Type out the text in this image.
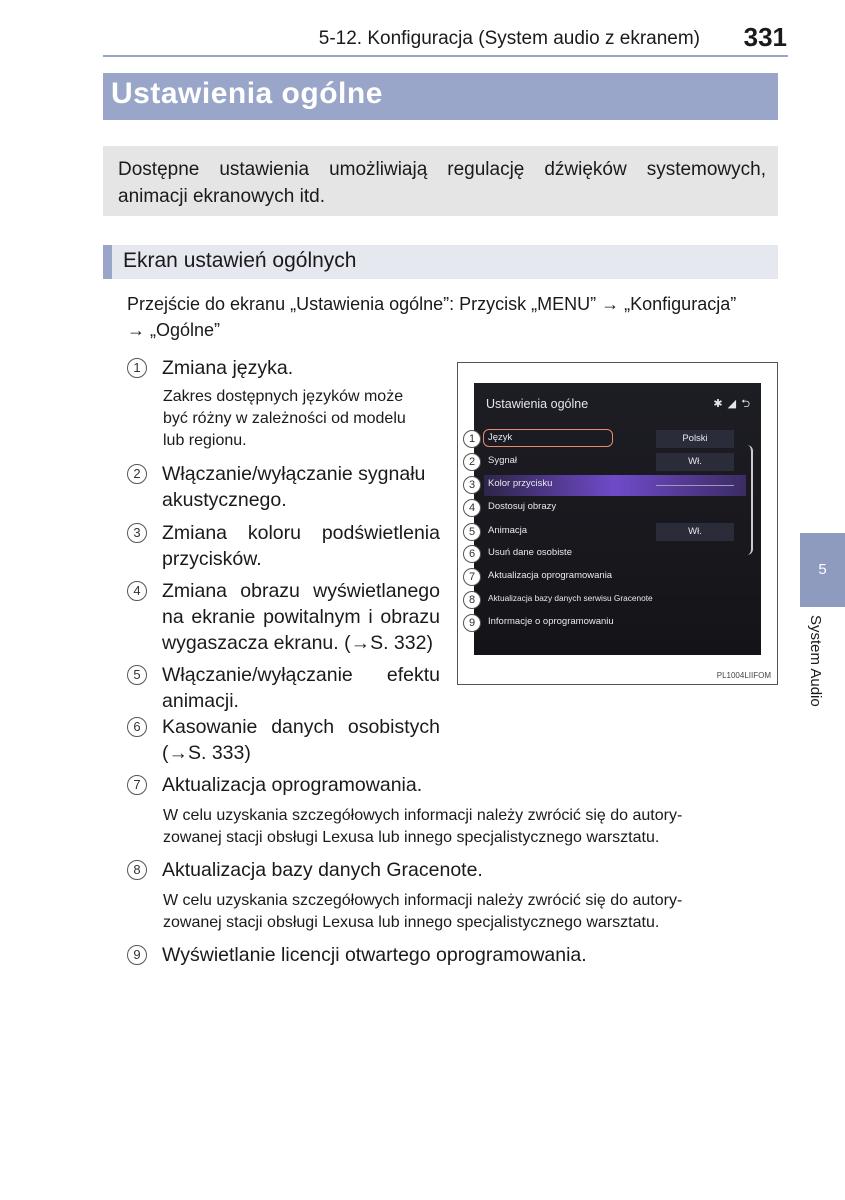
5-12. Konfiguracja (System audio z ekranem)	331
Ustawienia ogólne

Dostępne ustawienia umożliwiają regulację dźwięków systemowych, animacji ekranowych itd.

Ekran ustawień ogólnych
Przejście do ekranu „Ustawienia ogólne”: Przycisk „MENU” → „Konfiguracja”
→ „Ogólne”
1	Zmiana języka.
Zakres dostępnych języków może
być różny w zależności od modelu
lub regionu.
2	Włączanie/wyłączanie sygnału
akustycznego.
3	Zmiana koloru podświetlenia
przycisków.
4	Zmiana obrazu wyświetlanego
na ekranie powitalnym i obrazu
wygaszacza ekranu. (→S. 332)
5	Włączanie/wyłączanie efektu
animacji.
6	Kasowanie danych osobistych
(→S. 333)
7	Aktualizacja oprogramowania.
W celu uzyskania szczegółowych informacji należy zwrócić się do autory-
zowanej stacji obsługi Lexusa lub innego specjalistycznego warsztatu.
8	Aktualizacja bazy danych Gracenote.
W celu uzyskania szczegółowych informacji należy zwrócić się do autory-
zowanej stacji obsługi Lexusa lub innego specjalistycznego warsztatu.
9	Wyświetlanie licencji otwartego oprogramowania.
Ustawienia ogólne	✱ ◢ ⮌
Język	Polski
Sygnał	Wł.
Kolor przycisku
Dostosuj obrazy
Animacja	Wł.
Usuń dane osobiste
Aktualizacja oprogramowania
Aktualizacja bazy danych serwisu Gracenote
Informacje o oprogramowaniu
1
2
3
4
5
6
7
8
9
PL1004LIIFOM
5
System Audio
